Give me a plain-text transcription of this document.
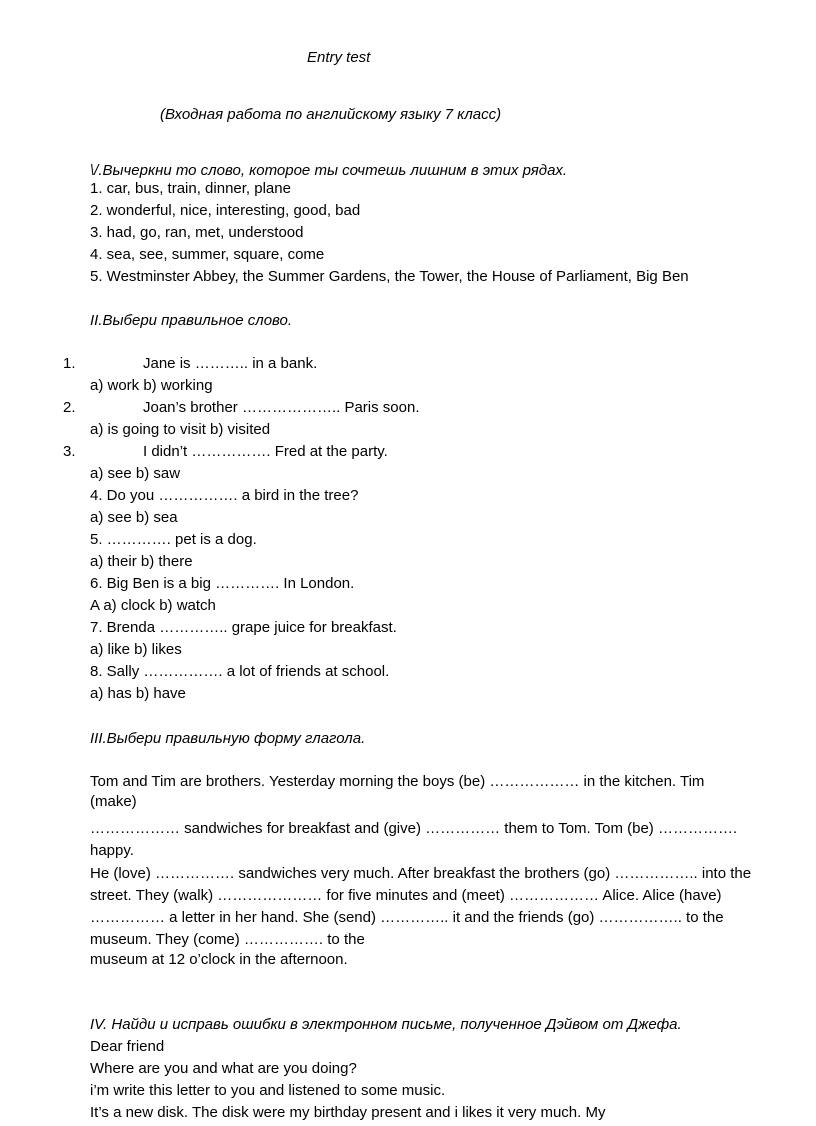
Entry test
(Входная работа по английскому языку 7 класс)
\/.Вычеркни то слово, которое ты сочтешь лишним в этих рядах.
1. car, bus, train, dinner, plane
2. wonderful, nice, interesting, good, bad
3. had, go, ran, met, understood
4. sea, see, summer, square, come
5. Westminster Abbey, the Summer Gardens, the Tower, the House of Parliament, Big Ben
II.Выбери правильное слово.
1.	Jane is ……….. in a bank.
a) work b) working
2.	Joan’s brother ……………….. Paris soon.
a) is going to visit b) visited
3.	I didn’t ……………. Fred at the party.
a) see b) saw
4. Do you ……………. a bird in the tree?
a) see b) sea
5. …………. pet is a dog.
a) their b) there
6. Big Ben is a big …………. In London.
A a) clock b) watch
7. Brenda ………….. grape juice for breakfast.
a) like b) likes
8. Sally ……………. a lot of friends at school.
a) has b) have
III.Выбери правильную форму глагола.
Tom and Tim are brothers. Yesterday morning the boys (be) ……………… in the kitchen. Tim
(make)
……………… sandwiches for breakfast and (give) …………… them to Tom. Tom (be) …………….
happy.
He (love) ……………. sandwiches very much. After breakfast the brothers (go) …………….. into the
street. They (walk) ………………… for five minutes and (meet) ……………… Alice. Alice (have)
…………… a letter in her hand. She (send) ………….. it and the friends (go) …………….. to the
museum. They (come) ……………. to the
museum at 12 o’clock in the afternoon.
IV. Найди и исправь ошибки в электронном письме, полученное Дэйвом от Джефа.
Dear friend
Where are you and what are you doing?
i’m write this letter to you and listened to some music.
It’s a new disk. The disk were my birthday present and i likes it very much. My
